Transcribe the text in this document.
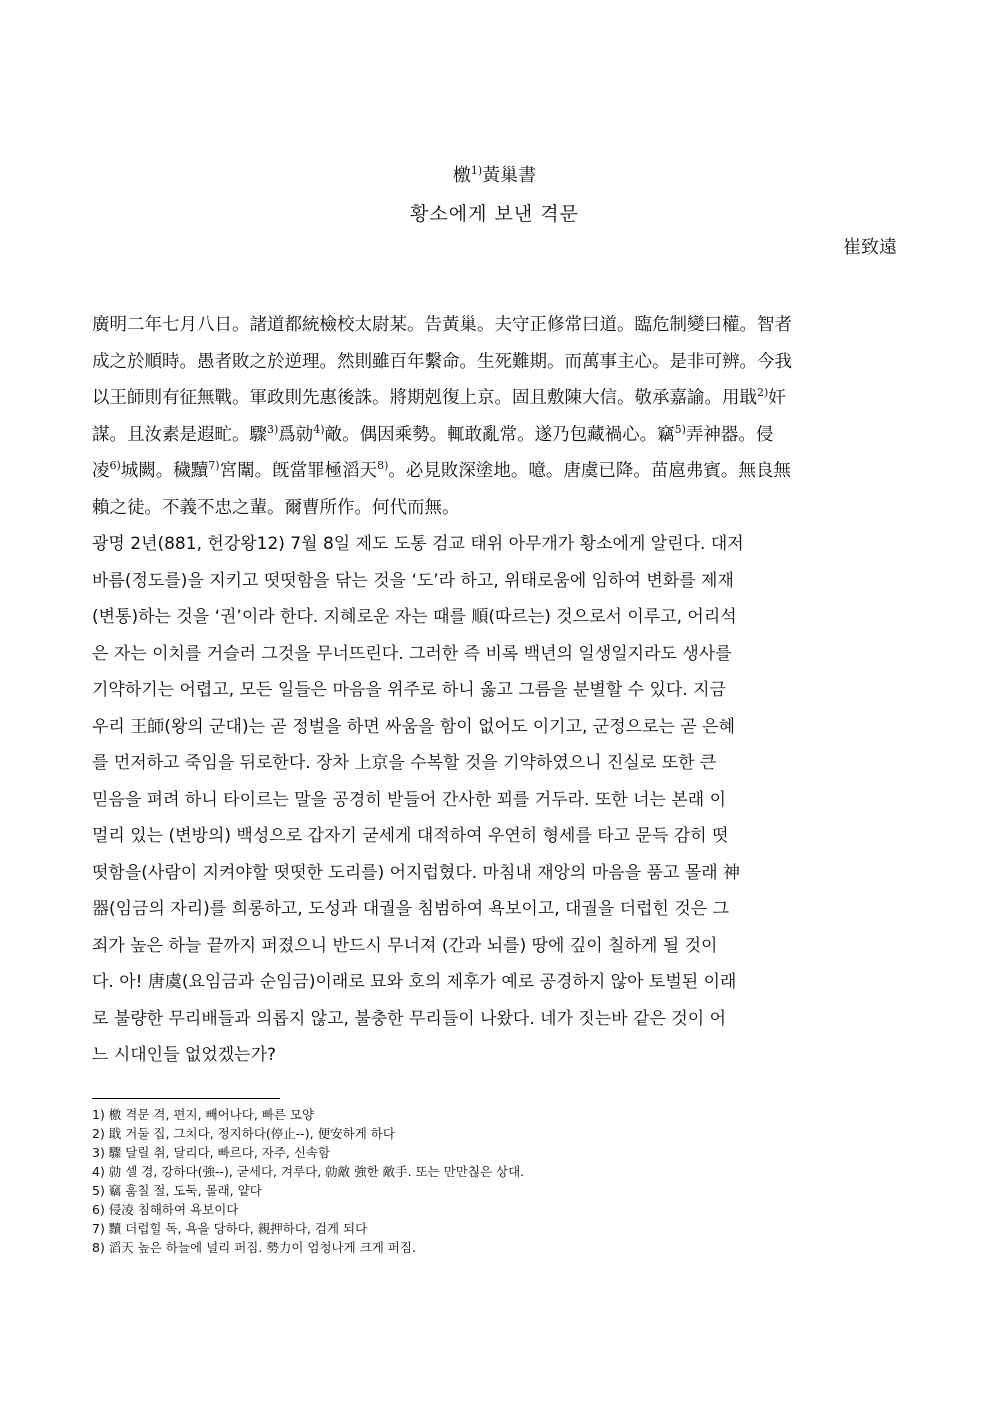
檄$^{1)}$黃巢書
황소에게 보낸 격문
崔致遠
廣明二年七月八日。諸道都統檢校太尉某。告黃巢。夫守正修常曰道。臨危制變曰權。智者
成之於順時。愚者敗之於逆理。然則雖百年繫命。生死難期。而萬事主心。是非可辨。今我
以王師則有征無戰。軍政則先惠後誅。將期剋復上京。固且敷陳大信。敬承嘉諭。用戢$^{2)}$奸
謀。且汝素是遐甿。驟$^{3)}$爲勍$^{4)}$敵。偶因乘勢。輒敢亂常。遂乃包藏禍心。竊$^{5)}$弄神器。侵
凌$^{6)}$城闕。穢黷$^{7)}$宮闈。旣當罪極滔天$^{8)}$。必見敗深塗地。噫。唐虞已降。苗扈弗賓。無良無
賴之徒。不義不忠之輩。爾曹所作。何代而無。
광명 2년(881, 헌강왕12) 7월 8일 제도 도통 검교 태위 아무개가 황소에게 알린다. 대저
바름(정도를)을 지키고 떳떳함을 닦는 것을 ‘도’라 하고, 위태로움에 임하여 변화를 제재
(변통)하는 것을 ‘권’이라 한다. 지혜로운 자는 때를 順(따르는) 것으로서 이루고, 어리석
은 자는 이치를 거슬러 그것을 무너뜨린다. 그러한 즉 비록 백년의 일생일지라도 생사를
기약하기는 어렵고, 모든 일들은 마음을 위주로 하니 옳고 그름을 분별할 수 있다. 지금
우리 王師(왕의 군대)는 곧 정벌을 하면 싸움을 함이 없어도 이기고, 군정으로는 곧 은혜
를 먼저하고 죽임을 뒤로한다. 장차 上京을 수복할 것을 기약하였으니 진실로 또한 큰
믿음을 펴려 하니 타이르는 말을 공경히 받들어 간사한 꾀를 거두라. 또한 너는 본래 이
멀리 있는 (변방의) 백성으로 갑자기 굳세게 대적하여 우연히 형세를 타고 문득 감히 떳
떳함을(사람이 지켜야할 떳떳한 도리를) 어지럽혔다. 마침내 재앙의 마음을 품고 몰래 神
器(임금의 자리)를 희롱하고, 도성과 대궐을 침범하여 욕보이고, 대궐을 더럽힌 것은 그
죄가 높은 하늘 끝까지 퍼졌으니 반드시 무너져 (간과 뇌를) 땅에 깊이 칠하게 될 것이
다. 아! 唐虞(요임금과 순임금)이래로 묘와 호의 제후가 예로 공경하지 않아 토벌된 이래
로 불량한 무리배들과 의롭지 않고, 불충한 무리들이 나왔다. 네가 짓는바 같은 것이 어
느 시대인들 없었겠는가?
1) 檄 격문 격, 편지, 빼어나다, 빠른 모양
2) 戢 거둘 집, 그치다, 정지하다(停止--), 便安하게 하다
3) 驟 달릴 취, 달리다, 빠르다, 자주, 신속함
4) 勍 셀 경, 강하다(強--), 굳세다, 겨루다, 勍敵 強한 敵手. 또는 만만칞은 상대.
5) 竊 훔칠 절, 도둑, 몰래, 얕다
6) 侵凌 침해하여 욕보이다
7) 黷 더럽힐 독, 욕을 당하다, 親押하다, 검게 되다
8) 滔天 높은 하늘에 널리 퍼짐. 勢力이 엄청나게 크게 퍼짐.
